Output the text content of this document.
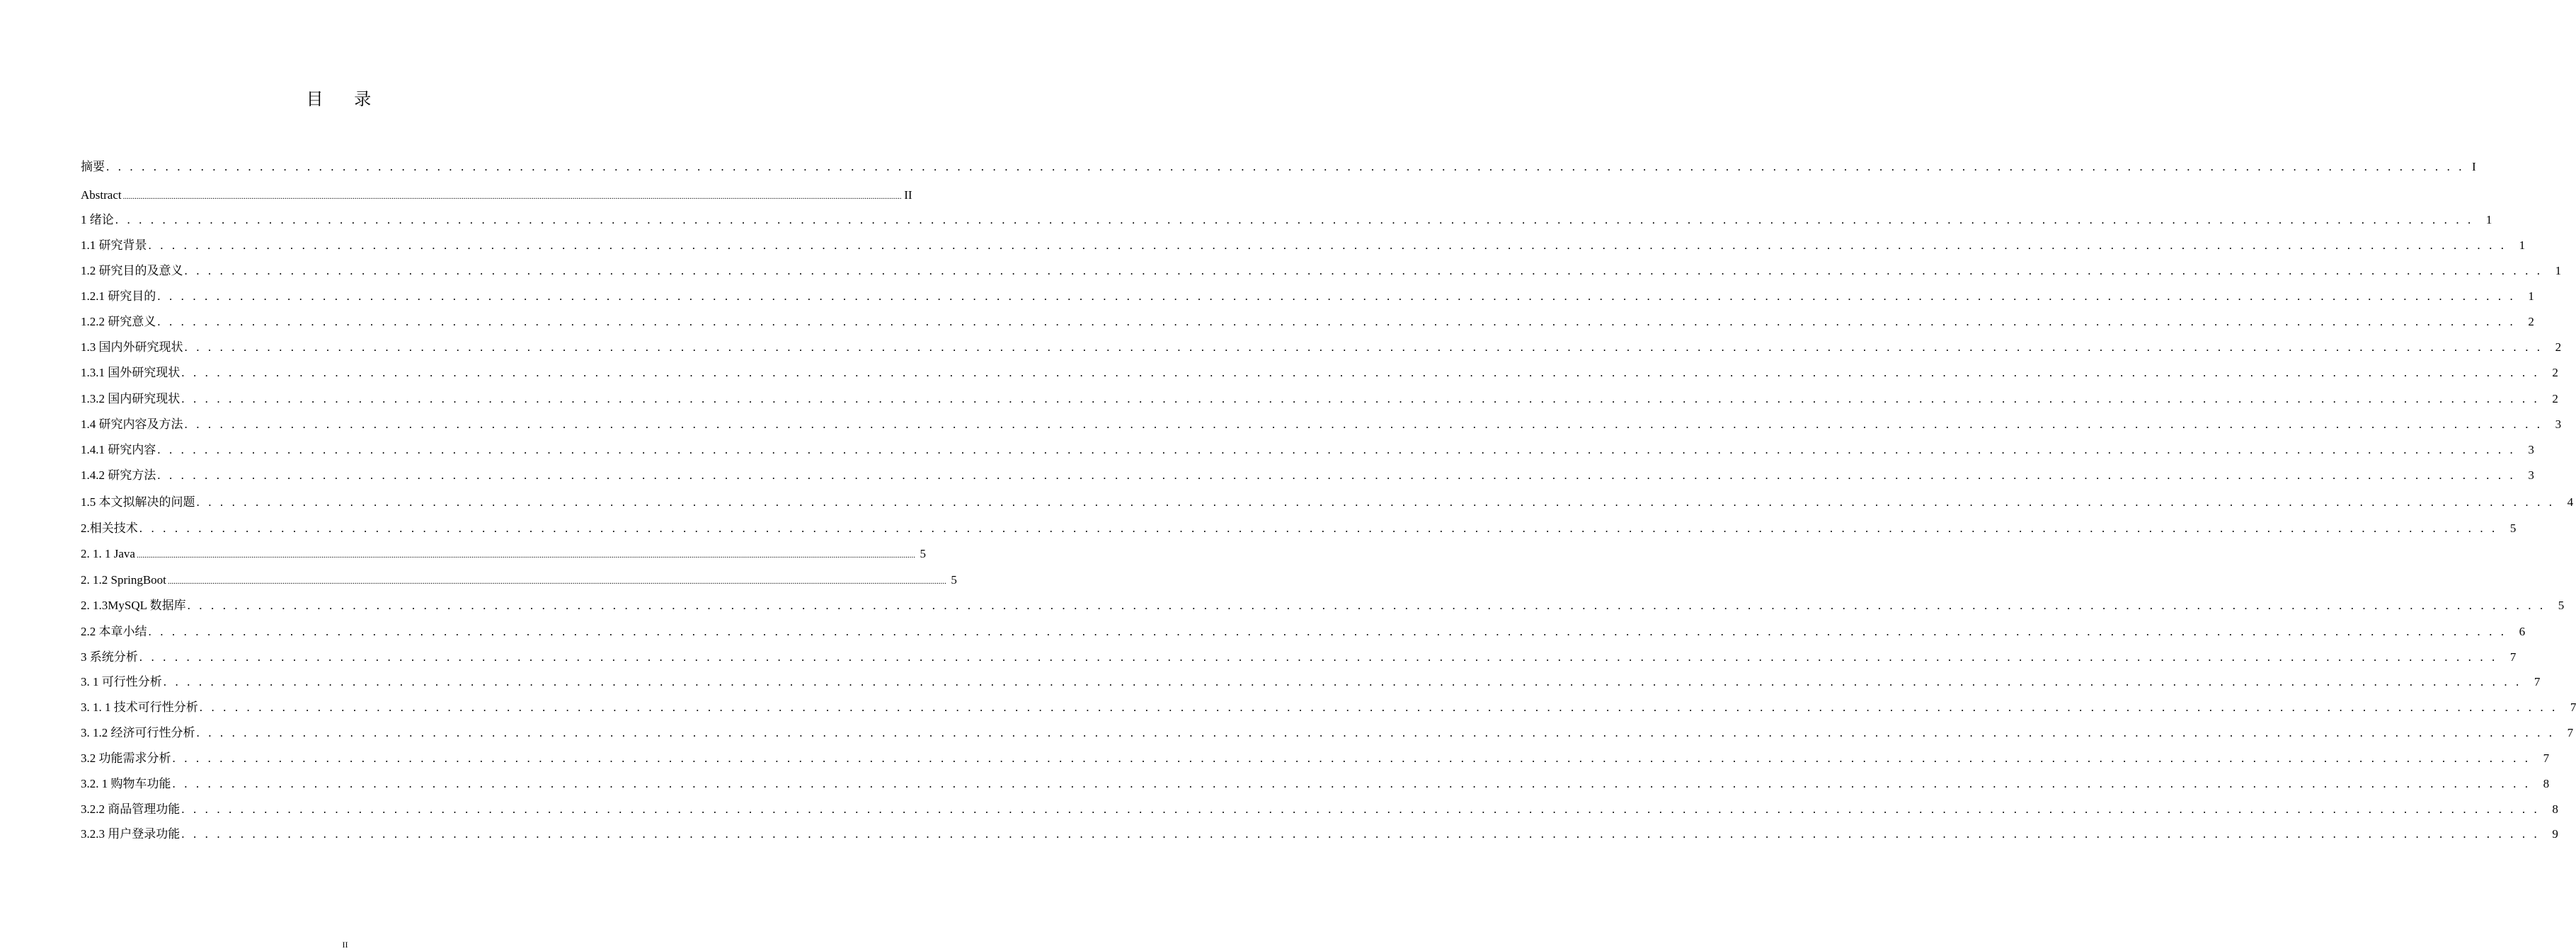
目 录
摘要 . . . . . . . . . . . . . . . . . . . . . . . . . . . . . . . . . . . . . . . . . . . . . . . . . . . . . . . . . . . . . . . . . . . . . . . . . . . . . . . . . . . . . . . . . . . . . . . . . . . . . . . . . . . . . . . . . . . . . . . . . . . . . . . . . . . . . . . . . . . . . . . . . . . . . . . . . . . . . . . . . . . . . . . . . . . . . . . . . . . . . . . . . . . . . . . . . . . . . . . . I
Abstract ................................................................................................................................................................................................................................................................................................................................................................................................................ II
1 绪论 . . . . . . . . . . . . . . . . . . . . . . . . . . . . . . . . . . . . . . . . . . . . . . . . . . . . . . . . . . . . . . . . . . . . . . . . . . . . . . . . . . . . . . . . . . . . . . . . . . . . . . . . . . . . . . . . . . . . . . . . . . . . . . . . . . . . . . . . . . . . . . . . . . . . . . . . . . . . . . . . . . . . . . . . . . . . . . . . . . . . . . . . . . . . . . . . . . . . . . . .	1
1.1 研究背景 . . . . . . . . . . . . . . . . . . . . . . . . . . . . . . . . . . . . . . . . . . . . . . . . . . . . . . . . . . . . . . . . . . . . . . . . . . . . . . . . . . . . . . . . . . . . . . . . . . . . . . . . . . . . . . . . . . . . . . . . . . . . . . . . . . . . . . . . . . . . . . . . . . . . . . . . . . . . . . . . . . . . . . . . . . . . . . . . . . . . . . . . . . . . . . . . . . . . . . . .	1
1.2 研究目的及意义 . . . . . . . . . . . . . . . . . . . . . . . . . . . . . . . . . . . . . . . . . . . . . . . . . . . . . . . . . . . . . . . . . . . . . . . . . . . . . . . . . . . . . . . . . . . . . . . . . . . . . . . . . . . . . . . . . . . . . . . . . . . . . . . . . . . . . . . . . . . . . . . . . . . . . . . . . . . . . . . . . . . . . . . . . . . . . . . . . . . . . . . . . . . . . . . . . . . . . . . .	1
1.2.1 研究目的 . . . . . . . . . . . . . . . . . . . . . . . . . . . . . . . . . . . . . . . . . . . . . . . . . . . . . . . . . . . . . . . . . . . . . . . . . . . . . . . . . . . . . . . . . . . . . . . . . . . . . . . . . . . . . . . . . . . . . . . . . . . . . . . . . . . . . . . . . . . . . . . . . . . . . . . . . . . . . . . . . . . . . . . . . . . . . . . . . . . . . . . . . . . . . . . . . . . . . . . .	1
1.2.2 研究意义 . . . . . . . . . . . . . . . . . . . . . . . . . . . . . . . . . . . . . . . . . . . . . . . . . . . . . . . . . . . . . . . . . . . . . . . . . . . . . . . . . . . . . . . . . . . . . . . . . . . . . . . . . . . . . . . . . . . . . . . . . . . . . . . . . . . . . . . . . . . . . . . . . . . . . . . . . . . . . . . . . . . . . . . . . . . . . . . . . . . . . . . . . . . . . . . . . . . . . . . .	2
1.3 国内外研究现状 . . . . . . . . . . . . . . . . . . . . . . . . . . . . . . . . . . . . . . . . . . . . . . . . . . . . . . . . . . . . . . . . . . . . . . . . . . . . . . . . . . . . . . . . . . . . . . . . . . . . . . . . . . . . . . . . . . . . . . . . . . . . . . . . . . . . . . . . . . . . . . . . . . . . . . . . . . . . . . . . . . . . . . . . . . . . . . . . . . . . . . . . . . . . . . . . . . . . . . . .	2
1.3.1 国外研究现状 . . . . . . . . . . . . . . . . . . . . . . . . . . . . . . . . . . . . . . . . . . . . . . . . . . . . . . . . . . . . . . . . . . . . . . . . . . . . . . . . . . . . . . . . . . . . . . . . . . . . . . . . . . . . . . . . . . . . . . . . . . . . . . . . . . . . . . . . . . . . . . . . . . . . . . . . . . . . . . . . . . . . . . . . . . . . . . . . . . . . . . . . . . . . . . . . . . . . . . . .	2
1.3.2 国内研究现状 . . . . . . . . . . . . . . . . . . . . . . . . . . . . . . . . . . . . . . . . . . . . . . . . . . . . . . . . . . . . . . . . . . . . . . . . . . . . . . . . . . . . . . . . . . . . . . . . . . . . . . . . . . . . . . . . . . . . . . . . . . . . . . . . . . . . . . . . . . . . . . . . . . . . . . . . . . . . . . . . . . . . . . . . . . . . . . . . . . . . . . . . . . . . . . . . . . . . . . . .	2
1.4 研究内容及方法 . . . . . . . . . . . . . . . . . . . . . . . . . . . . . . . . . . . . . . . . . . . . . . . . . . . . . . . . . . . . . . . . . . . . . . . . . . . . . . . . . . . . . . . . . . . . . . . . . . . . . . . . . . . . . . . . . . . . . . . . . . . . . . . . . . . . . . . . . . . . . . . . . . . . . . . . . . . . . . . . . . . . . . . . . . . . . . . . . . . . . . . . . . . . . . . . . . . . . . . .	3
1.4.1 研究内容 . . . . . . . . . . . . . . . . . . . . . . . . . . . . . . . . . . . . . . . . . . . . . . . . . . . . . . . . . . . . . . . . . . . . . . . . . . . . . . . . . . . . . . . . . . . . . . . . . . . . . . . . . . . . . . . . . . . . . . . . . . . . . . . . . . . . . . . . . . . . . . . . . . . . . . . . . . . . . . . . . . . . . . . . . . . . . . . . . . . . . . . . . . . . . . . . . . . . . . . .	3
1.4.2 研究方法 . . . . . . . . . . . . . . . . . . . . . . . . . . . . . . . . . . . . . . . . . . . . . . . . . . . . . . . . . . . . . . . . . . . . . . . . . . . . . . . . . . . . . . . . . . . . . . . . . . . . . . . . . . . . . . . . . . . . . . . . . . . . . . . . . . . . . . . . . . . . . . . . . . . . . . . . . . . . . . . . . . . . . . . . . . . . . . . . . . . . . . . . . . . . . . . . . . . . . . . .	3
1.5 本文拟解决的问题 . . . . . . . . . . . . . . . . . . . . . . . . . . . . . . . . . . . . . . . . . . . . . . . . . . . . . . . . . . . . . . . . . . . . . . . . . . . . . . . . . . . . . . . . . . . . . . . . . . . . . . . . . . . . . . . . . . . . . . . . . . . . . . . . . . . . . . . . . . . . . . . . . . . . . . . . . . . . . . . . . . . . . . . . . . . . . . . . . . . . . . . . . . . . . . . . . . . . . . . .	4
2.相关技术 . . . . . . . . . . . . . . . . . . . . . . . . . . . . . . . . . . . . . . . . . . . . . . . . . . . . . . . . . . . . . . . . . . . . . . . . . . . . . . . . . . . . . . . . . . . . . . . . . . . . . . . . . . . . . . . . . . . . . . . . . . . . . . . . . . . . . . . . . . . . . . . . . . . . . . . . . . . . . . . . . . . . . . . . . . . . . . . . . . . . . . . . . . . . . . . . . . . . . . . .	5
2. 1. 1 Java ................................................................................................................................................................................................................................................................................................................................................................................................................ 5
2. 1.2 SpringBoot ................................................................................................................................................................................................................................................................................................................................................................................................................ 5
2. 1.3MySQL 数据库 . . . . . . . . . . . . . . . . . . . . . . . . . . . . . . . . . . . . . . . . . . . . . . . . . . . . . . . . . . . . . . . . . . . . . . . . . . . . . . . . . . . . . . . . . . . . . . . . . . . . . . . . . . . . . . . . . . . . . . . . . . . . . . . . . . . . . . . . . . . . . . . . . . . . . . . . . . . . . . . . . . . . . . . . . . . . . . . . . . . . . . . . . . . . . . . . . . . . . . . .	5
2.2 本章小结 . . . . . . . . . . . . . . . . . . . . . . . . . . . . . . . . . . . . . . . . . . . . . . . . . . . . . . . . . . . . . . . . . . . . . . . . . . . . . . . . . . . . . . . . . . . . . . . . . . . . . . . . . . . . . . . . . . . . . . . . . . . . . . . . . . . . . . . . . . . . . . . . . . . . . . . . . . . . . . . . . . . . . . . . . . . . . . . . . . . . . . . . . . . . . . . . . . . . . . . .	6
3 系统分析 . . . . . . . . . . . . . . . . . . . . . . . . . . . . . . . . . . . . . . . . . . . . . . . . . . . . . . . . . . . . . . . . . . . . . . . . . . . . . . . . . . . . . . . . . . . . . . . . . . . . . . . . . . . . . . . . . . . . . . . . . . . . . . . . . . . . . . . . . . . . . . . . . . . . . . . . . . . . . . . . . . . . . . . . . . . . . . . . . . . . . . . . . . . . . . . . . . . . . . . .	7
3. 1 可行性分析 . . . . . . . . . . . . . . . . . . . . . . . . . . . . . . . . . . . . . . . . . . . . . . . . . . . . . . . . . . . . . . . . . . . . . . . . . . . . . . . . . . . . . . . . . . . . . . . . . . . . . . . . . . . . . . . . . . . . . . . . . . . . . . . . . . . . . . . . . . . . . . . . . . . . . . . . . . . . . . . . . . . . . . . . . . . . . . . . . . . . . . . . . . . . . . . . . . . . . . . .	7
3. 1. 1 技术可行性分析 . . . . . . . . . . . . . . . . . . . . . . . . . . . . . . . . . . . . . . . . . . . . . . . . . . . . . . . . . . . . . . . . . . . . . . . . . . . . . . . . . . . . . . . . . . . . . . . . . . . . . . . . . . . . . . . . . . . . . . . . . . . . . . . . . . . . . . . . . . . . . . . . . . . . . . . . . . . . . . . . . . . . . . . . . . . . . . . . . . . . . . . . . . . . . . . . . . . . . . . .	7
3. 1.2 经济可行性分析 . . . . . . . . . . . . . . . . . . . . . . . . . . . . . . . . . . . . . . . . . . . . . . . . . . . . . . . . . . . . . . . . . . . . . . . . . . . . . . . . . . . . . . . . . . . . . . . . . . . . . . . . . . . . . . . . . . . . . . . . . . . . . . . . . . . . . . . . . . . . . . . . . . . . . . . . . . . . . . . . . . . . . . . . . . . . . . . . . . . . . . . . . . . . . . . . . . . . . . . .	7
3.2 功能需求分析 . . . . . . . . . . . . . . . . . . . . . . . . . . . . . . . . . . . . . . . . . . . . . . . . . . . . . . . . . . . . . . . . . . . . . . . . . . . . . . . . . . . . . . . . . . . . . . . . . . . . . . . . . . . . . . . . . . . . . . . . . . . . . . . . . . . . . . . . . . . . . . . . . . . . . . . . . . . . . . . . . . . . . . . . . . . . . . . . . . . . . . . . . . . . . . . . . . . . . . . .	7
3.2. 1 购物车功能 . . . . . . . . . . . . . . . . . . . . . . . . . . . . . . . . . . . . . . . . . . . . . . . . . . . . . . . . . . . . . . . . . . . . . . . . . . . . . . . . . . . . . . . . . . . . . . . . . . . . . . . . . . . . . . . . . . . . . . . . . . . . . . . . . . . . . . . . . . . . . . . . . . . . . . . . . . . . . . . . . . . . . . . . . . . . . . . . . . . . . . . . . . . . . . . . . . . . . . . .	8
3.2.2 商品管理功能 . . . . . . . . . . . . . . . . . . . . . . . . . . . . . . . . . . . . . . . . . . . . . . . . . . . . . . . . . . . . . . . . . . . . . . . . . . . . . . . . . . . . . . . . . . . . . . . . . . . . . . . . . . . . . . . . . . . . . . . . . . . . . . . . . . . . . . . . . . . . . . . . . . . . . . . . . . . . . . . . . . . . . . . . . . . . . . . . . . . . . . . . . . . . . . . . . . . . . . . .	8
3.2.3 用户登录功能 . . . . . . . . . . . . . . . . . . . . . . . . . . . . . . . . . . . . . . . . . . . . . . . . . . . . . . . . . . . . . . . . . . . . . . . . . . . . . . . . . . . . . . . . . . . . . . . . . . . . . . . . . . . . . . . . . . . . . . . . . . . . . . . . . . . . . . . . . . . . . . . . . . . . . . . . . . . . . . . . . . . . . . . . . . . . . . . . . . . . . . . . . . . . . . . . . . . . . . . .	9
II
